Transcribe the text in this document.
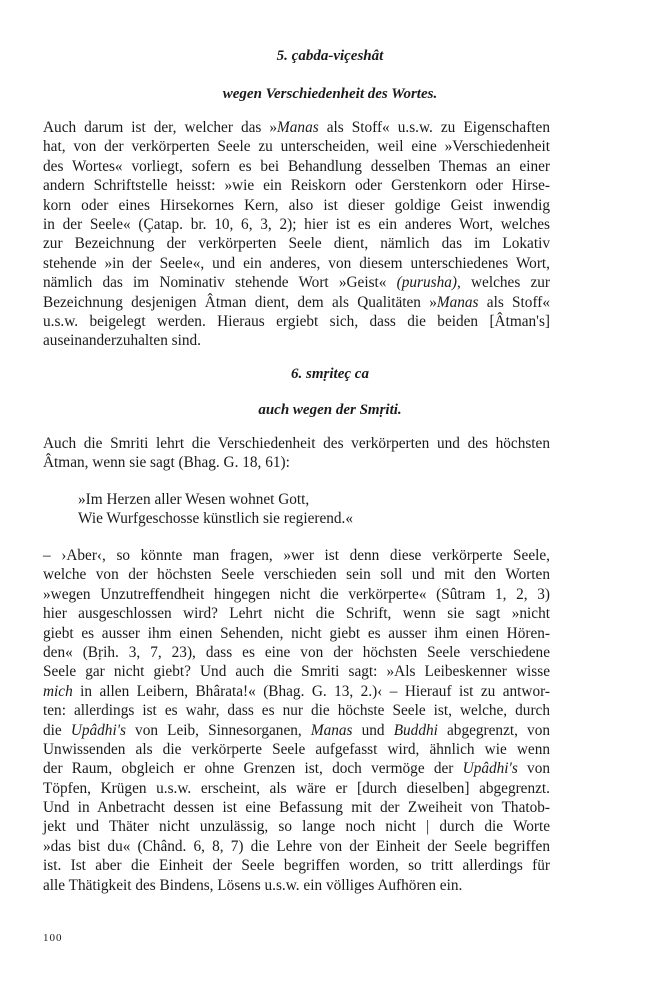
5. çabda-viçeshât
wegen Verschiedenheit des Wortes.
Auch darum ist der, welcher das »Manas als Stoff« u.s.w. zu Eigenschaften
hat, von der verkörperten Seele zu unterscheiden, weil eine »Verschiedenheit
des Wortes« vorliegt, sofern es bei Behandlung desselben Themas an einer
andern Schriftstelle heisst: »wie ein Reiskorn oder Gerstenkorn oder Hirse-
korn oder eines Hirsekornes Kern, also ist dieser goldige Geist inwendig
in der Seele« (Çatap. br. 10, 6, 3, 2); hier ist es ein anderes Wort, welches
zur Bezeichnung der verkörperten Seele dient, nämlich das im Lokativ
stehende »in der Seele«, und ein anderes, von diesem unterschiedenes Wort,
nämlich das im Nominativ stehende Wort »Geist« (purusha), welches zur
Bezeichnung desjenigen Âtman dient, dem als Qualitäten »Manas als Stoff«
u.s.w. beigelegt werden. Hieraus ergiebt sich, dass die beiden [Âtman's]
auseinanderzuhalten sind.
6. smṛiteç ca
auch wegen der Smṛiti.
Auch die Smriti lehrt die Verschiedenheit des verkörperten und des höchsten
Âtman, wenn sie sagt (Bhag. G. 18, 61):
»Im Herzen aller Wesen wohnet Gott,
Wie Wurfgeschosse künstlich sie regierend.«
– ›Aber‹, so könnte man fragen, »wer ist denn diese verkörperte Seele,
welche von der höchsten Seele verschieden sein soll und mit den Worten
»wegen Unzutreffendheit hingegen nicht die verkörperte« (Sûtram 1, 2, 3)
hier ausgeschlossen wird? Lehrt nicht die Schrift, wenn sie sagt »nicht
giebt es ausser ihm einen Sehenden, nicht giebt es ausser ihm einen Hören-
den« (Bṛih. 3, 7, 23), dass es eine von der höchsten Seele verschiedene
Seele gar nicht giebt? Und auch die Smriti sagt: »Als Leibeskenner wisse
mich in allen Leibern, Bhârata!« (Bhag. G. 13, 2.)‹ – Hierauf ist zu antwor-
ten: allerdings ist es wahr, dass es nur die höchste Seele ist, welche, durch
die Upâdhi's von Leib, Sinnesorganen, Manas und Buddhi abgegrenzt, von
Unwissenden als die verkörperte Seele aufgefasst wird, ähnlich wie wenn
der Raum, obgleich er ohne Grenzen ist, doch vermöge der Upâdhi's von
Töpfen, Krügen u.s.w. erscheint, als wäre er [durch dieselben] abgegrenzt.
Und in Anbetracht dessen ist eine Befassung mit der Zweiheit von Thatob-
jekt und Thäter nicht unzulässig, so lange noch nicht | durch die Worte
»das bist du« (Chând. 6, 8, 7) die Lehre von der Einheit der Seele begriffen
ist. Ist aber die Einheit der Seele begriffen worden, so tritt allerdings für
alle Thätigkeit des Bindens, Lösens u.s.w. ein völliges Aufhören ein.
100
